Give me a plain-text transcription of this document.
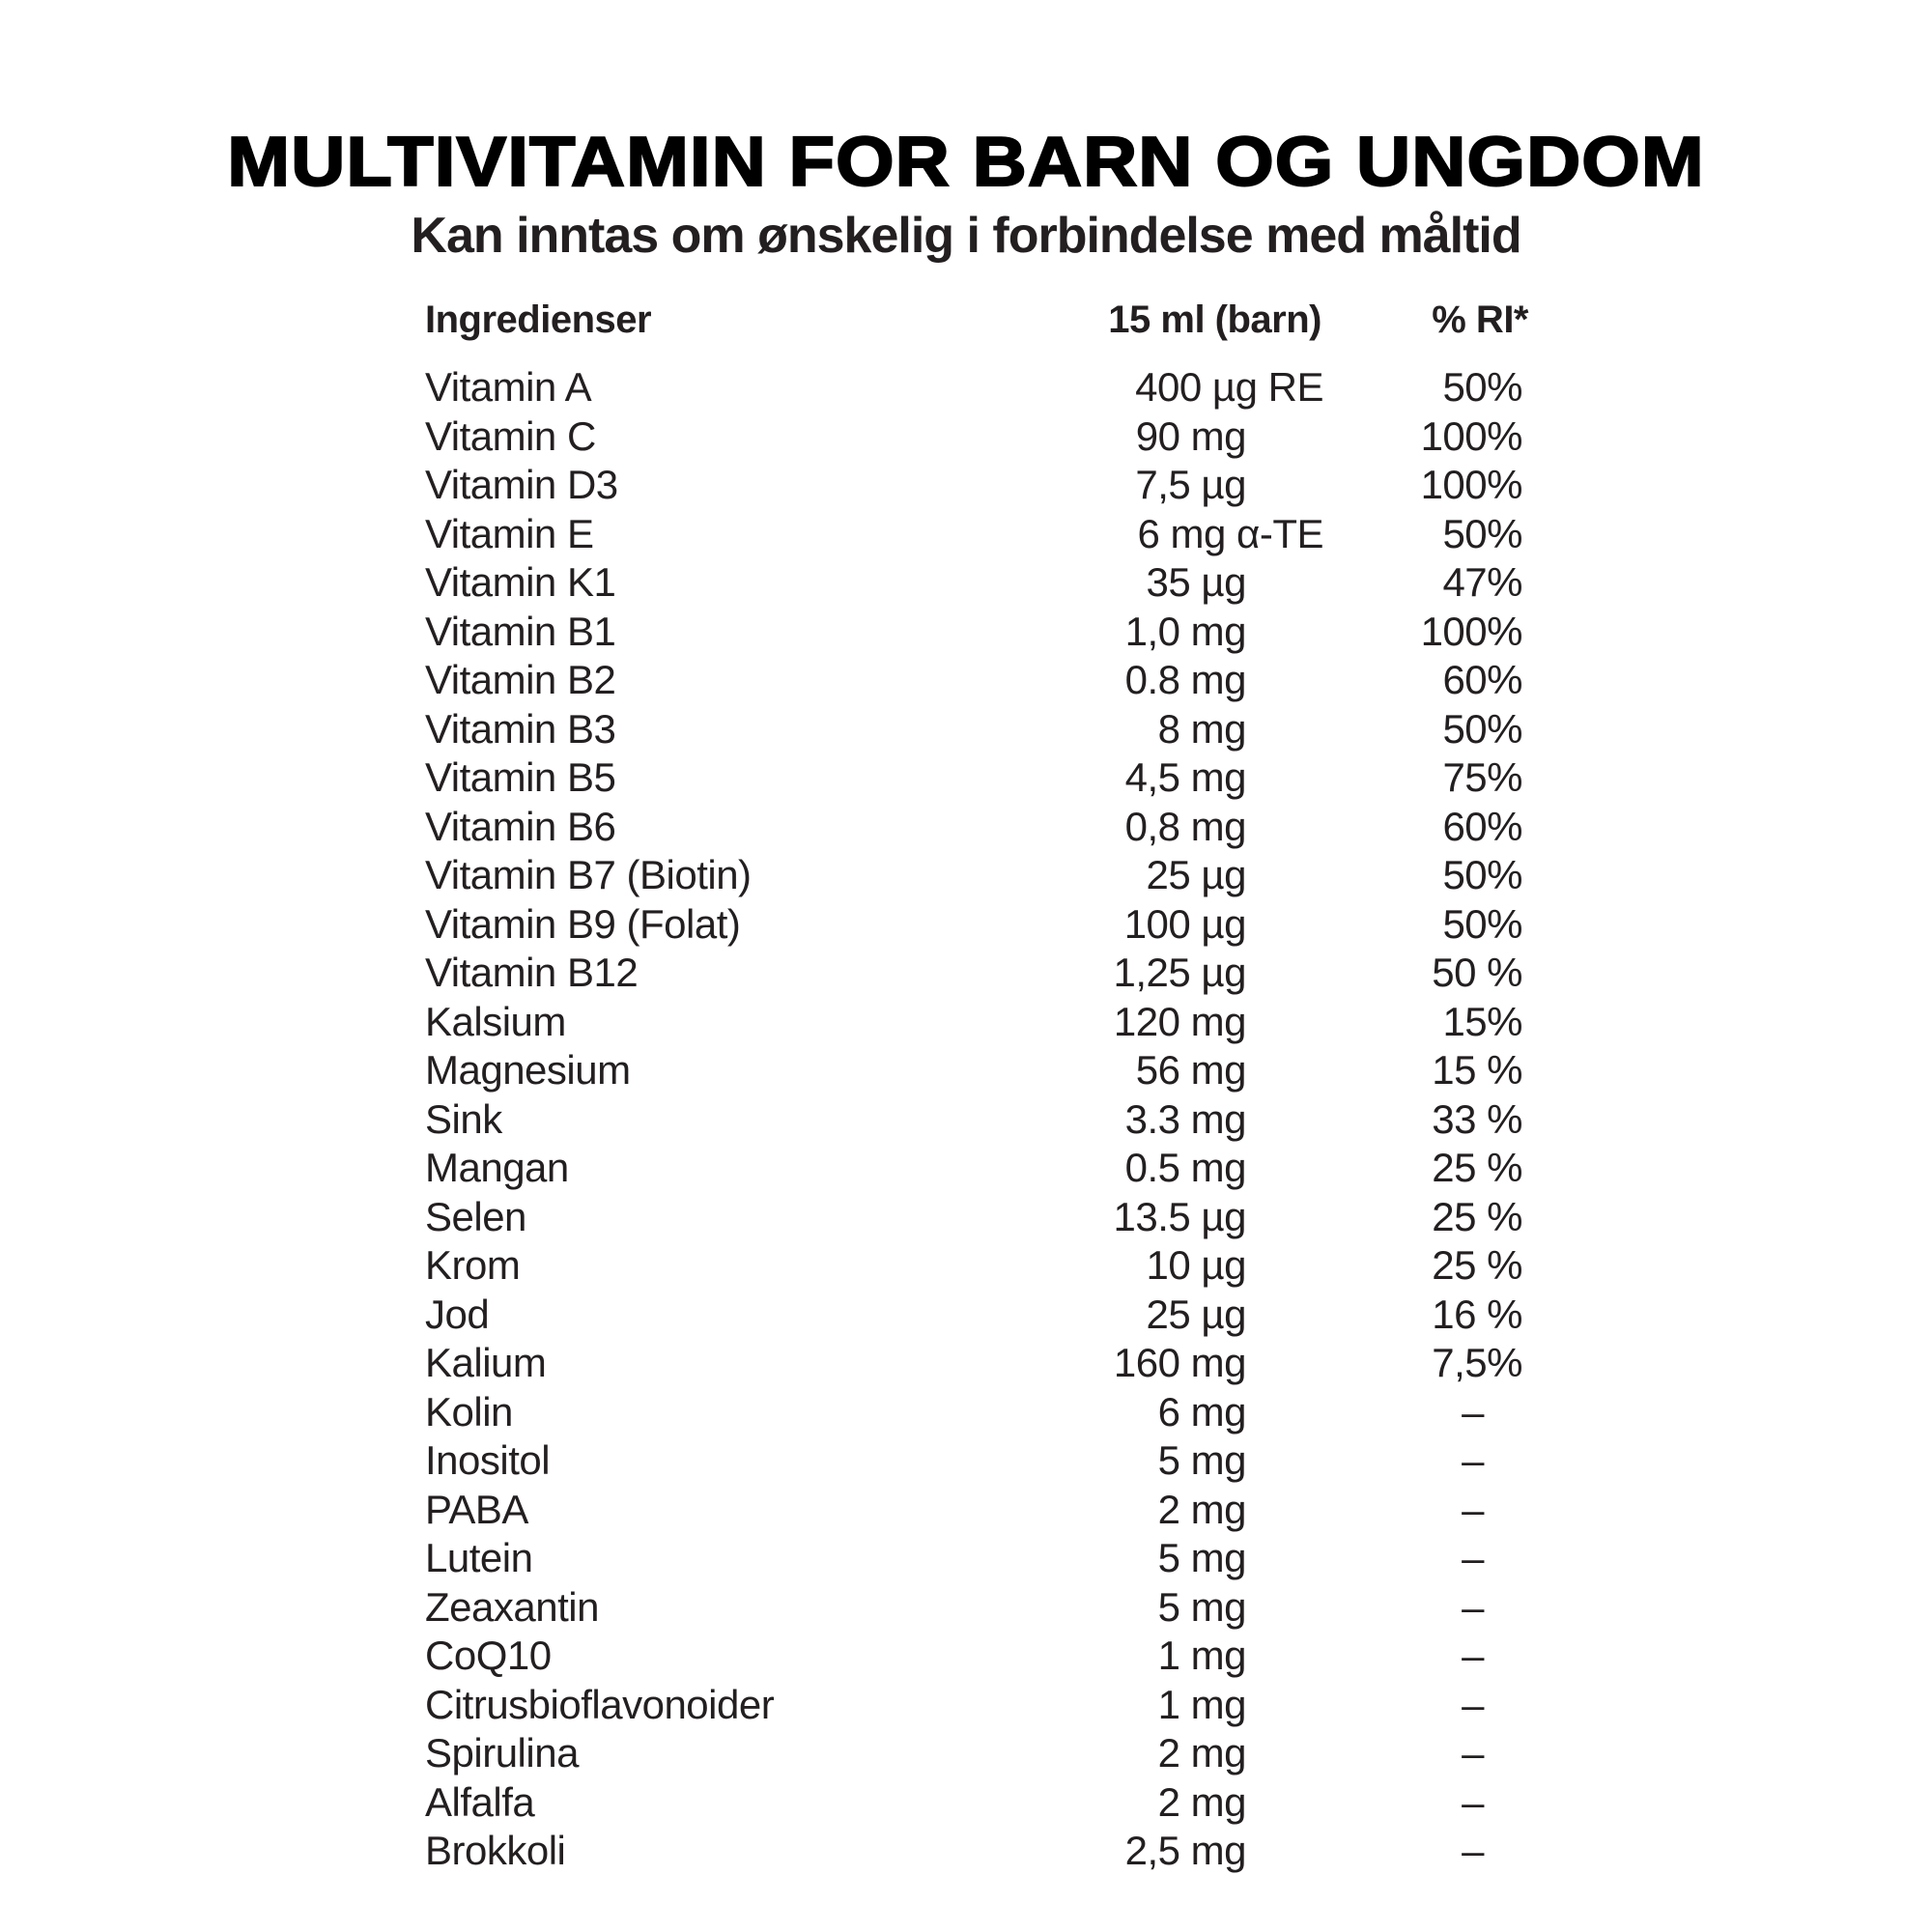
MULTIVITAMIN FOR BARN OG UNGDOM
Kan inntas om ønskelig i forbindelse med måltid
Ingredienser	15 ml (barn)	% RI*
Vitamin A	400 µg RE	50%
Vitamin C	90 mg	100%
Vitamin D3	7,5 µg	100%
Vitamin E	6 mg α-TE	50%
Vitamin K1	35 µg	47%
Vitamin B1	1,0 mg	100%
Vitamin B2	0.8 mg	60%
Vitamin B3	8 mg	50%
Vitamin B5	4,5 mg	75%
Vitamin B6	0,8 mg	60%
Vitamin B7 (Biotin)	25 µg	50%
Vitamin B9 (Folat)	100 µg	50%
Vitamin B12	1,25 µg	50 %
Kalsium	120 mg	15%
Magnesium	56 mg	15 %
Sink	3.3 mg	33 %
Mangan	0.5 mg	25 %
Selen	13.5 µg	25 %
Krom	10 µg	25 %
Jod	25 µg	16 %
Kalium	160 mg	7,5%
Kolin	6 mg	–
Inositol	5 mg	–
PABA	2 mg	–
Lutein	5 mg	–
Zeaxantin	5 mg	–
CoQ10	1 mg	–
Citrusbioflavonoider	1 mg	–
Spirulina	2 mg	–
Alfalfa	2 mg	–
Brokkoli	2,5 mg	–
